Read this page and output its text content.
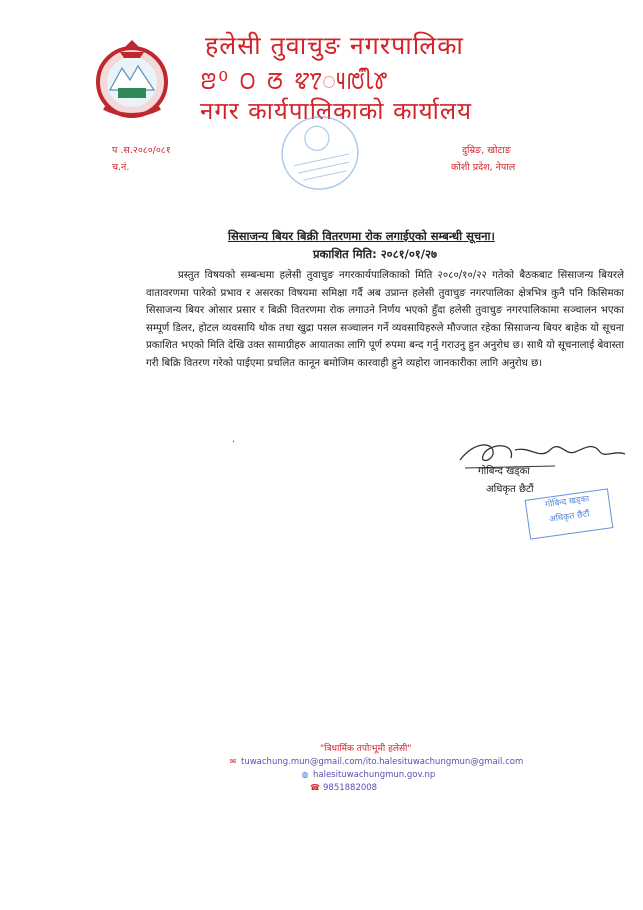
हलेसी तुवाचुङ नगरपालिका
ꢂ⁰ ꢝ ꢞ ꢢꢵꢴꢱꢶꢷꢸ
नगर कार्यपालिकाको कार्यालय
प .स.२०८०/०८१
च.नं.
दुम्रिङ, खोटाङ
कोशी प्रदेश, नेपाल
सिसाजन्य बियर बिक्री वितरणमा रोक लगाईएको सम्बन्धी सूचना।
प्रकाशित मिति: २०८१/०१/२७

प्रस्तुत विषयको सम्बन्धमा हलेसी तुवाचुङ नगरकार्यपालिकाको मिति २०८०/१०/२२ गतेको बैठकबाट सिसाजन्य बियरले वातावरणमा पारेको प्रभाव र असरका विषयमा समिक्षा गर्दै अब उप्रान्त हलेसी तुवाचुङ नगरपालिका क्षेत्रभित्र कुनै पनि किसिमका सिसाजन्य बियर ओसार प्रसार र बिक्री वितरणमा रोक लगाउने निर्णय भएको हुँदा हलेसी तुवाचुङ नगरपालिकामा सञ्चालन भएका सम्पूर्ण डिलर, होटल व्यवसायि थोक तथा खुद्रा पसल सञ्चालन गर्ने व्यवसायिहरुले मौज्जात रहेका सिसाजन्य बियर बाहेक यो सूचना प्रकाशित भएको मिति देखि उक्त सामाग्रीहरु आयातका लागि पूर्ण रुपमा बन्द गर्नु गराउनु हुन अनुरोध छ। साथै यो सूचनालाई बेवास्ता गरी बिक्रि वितरण गरेको पाईएमा प्रचलित कानून बमोजिम कारवाही हुने व्यहोरा जानकारीका लागि अनुरोध छ।

ʼ
गोबिन्द खड्का
अधिकृत छैटौं
गोबिन्द खड्का
अधिकृत छैटौं
"त्रिधार्मिक तपोःभूमी हलेसी"
✉ tuwachung.mun@gmail.com/ito.halesituwachungmun@gmail.com
◍ halesituwachungmun.gov.np
☎ 9851882008
